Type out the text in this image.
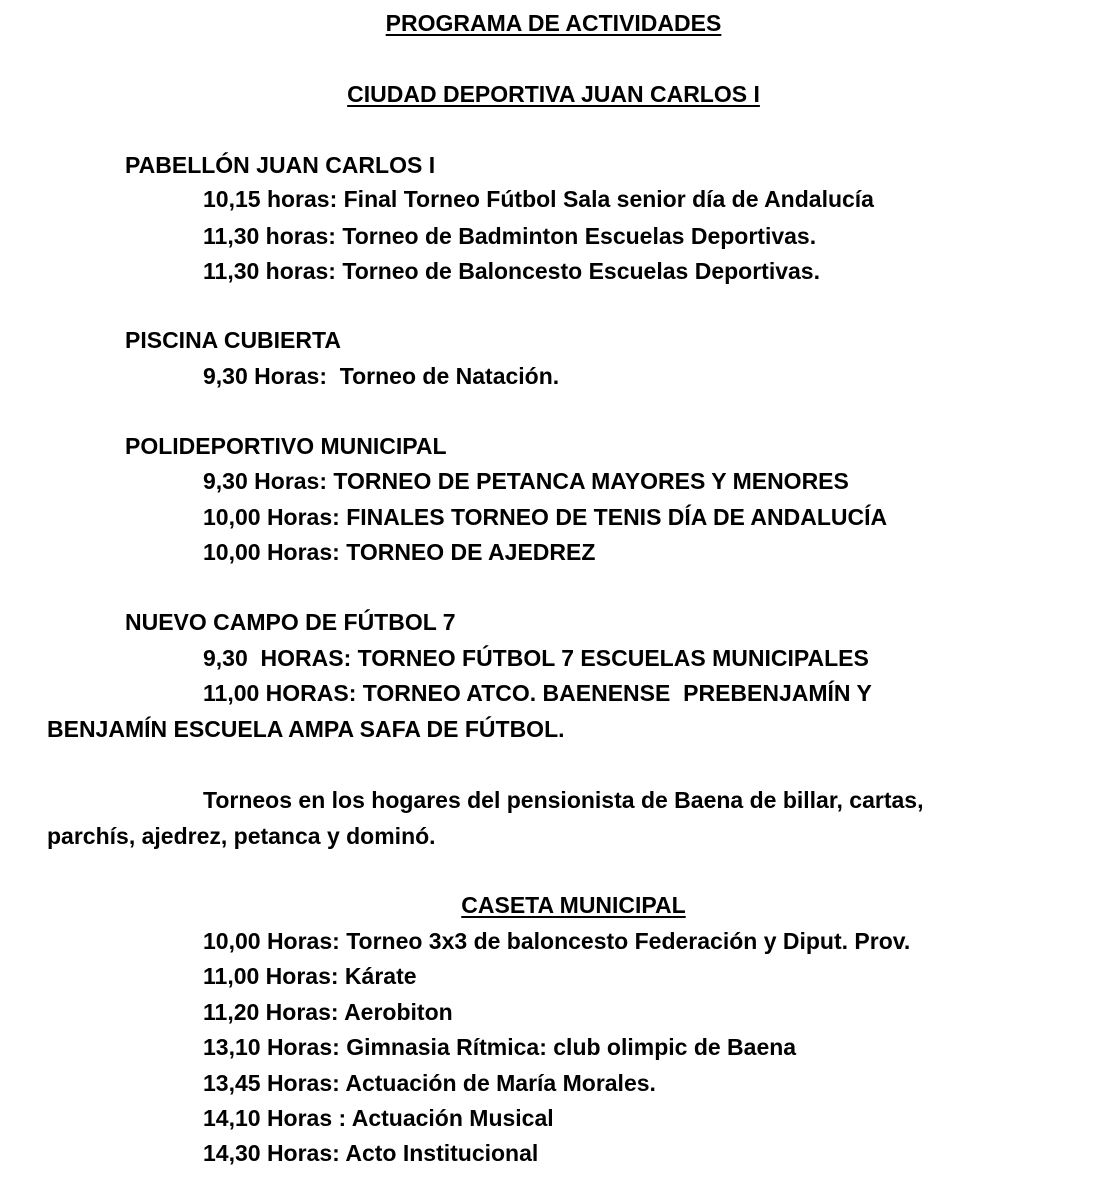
PROGRAMA DE ACTIVIDADES

CIUDAD DEPORTIVA JUAN CARLOS I

PABELLÓN JUAN CARLOS I

10,15 horas: Final Torneo Fútbol Sala senior día de Andalucía

11,30 horas: Torneo de Badminton Escuelas Deportivas.

11,30 horas: Torneo de Baloncesto Escuelas Deportivas.

PISCINA CUBIERTA

9,30 Horas:  Torneo de Natación.

POLIDEPORTIVO MUNICIPAL

9,30 Horas: TORNEO DE PETANCA MAYORES Y MENORES

10,00 Horas: FINALES TORNEO DE TENIS DÍA DE ANDALUCÍA

10,00 Horas: TORNEO DE AJEDREZ

NUEVO CAMPO DE FÚTBOL 7

9,30  HORAS: TORNEO FÚTBOL 7 ESCUELAS MUNICIPALES

11,00 HORAS: TORNEO ATCO. BAENENSE  PREBENJAMÍN Y

BENJAMÍN ESCUELA AMPA SAFA DE FÚTBOL.

Torneos en los hogares del pensionista de Baena de billar, cartas,

parchís, ajedrez, petanca y dominó.

CASETA MUNICIPAL

10,00 Horas: Torneo 3x3 de baloncesto Federación y Diput. Prov.

11,00 Horas: Kárate

11,20 Horas: Aerobiton

13,10 Horas: Gimnasia Rítmica: club olimpic de Baena

13,45 Horas: Actuación de María Morales.

14,10 Horas : Actuación Musical

14,30 Horas: Acto Institucional
